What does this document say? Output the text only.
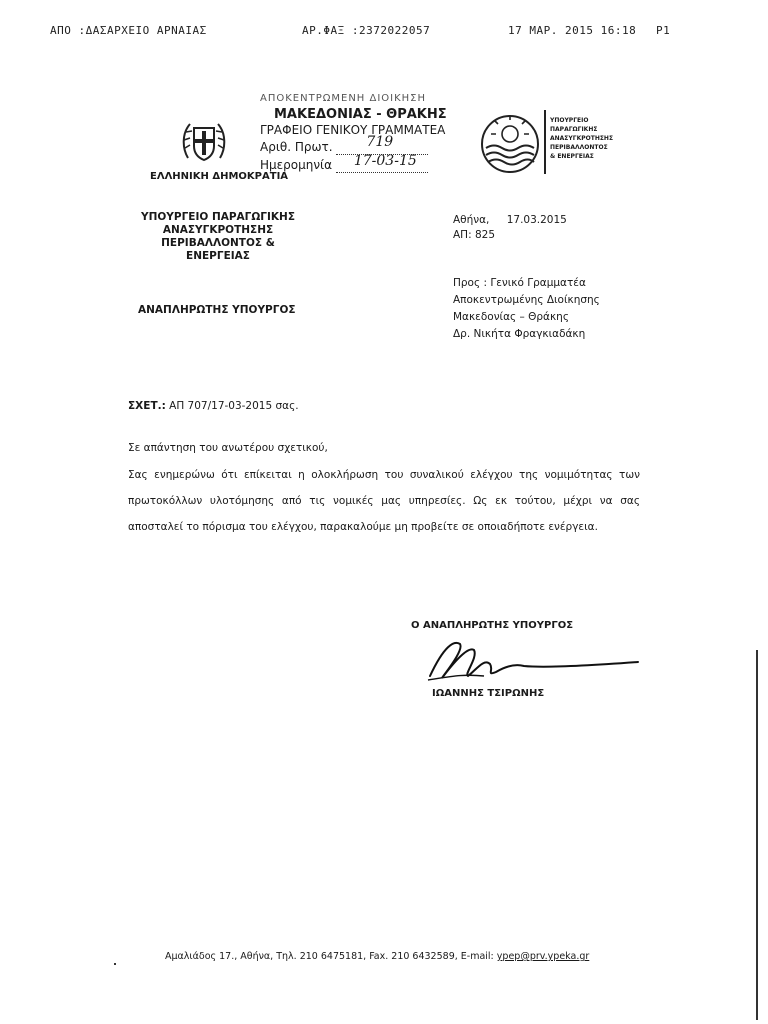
ΑΠΟ :ΔΑΣΑΡΧΕΙΟ ΑΡΝΑΙΑΣ	ΑΡ.ΦΑΞ :2372022057	17 ΜΑΡ. 2015 16:18 P1
ΕΛΛΗΝΙΚΗ ΔΗΜΟΚΡΑΤΙΑ
ΑΠΟΚΕΝΤΡΩΜΕΝΗ ΔΙΟΙΚΗΣΗ
ΜΑΚΕΔΟΝΙΑΣ - ΘΡΑΚΗΣ
ΓΡΑΦΕΙΟ ΓΕΝΙΚΟΥ ΓΡΑΜΜΑΤΕΑ
Αριθ. Πρωτ. 719

Ημερομηνία 17-03-15

ΥΠΟΥΡΓΕΙΟ
ΠΑΡΑΓΩΓΙΚΗΣ
ΑΝΑΣΥΓΚΡΟΤΗΣΗΣ
ΠΕΡΙΒΑΛΛΟΝΤΟΣ
& ΕΝΕΡΓΕΙΑΣ
ΥΠΟΥΡΓΕΙΟ ΠΑΡΑΓΩΓΙΚΗΣ
ΑΝΑΣΥΓΚΡΟΤΗΣΗΣ
ΠΕΡΙΒΑΛΛΟΝΤΟΣ &
ΕΝΕΡΓΕΙΑΣ
Αθήνα, 17.03.2015
ΑΠ: 825
Προς : Γενικό Γραμματέα
Αποκεντρωμένης Διοίκησης
Μακεδονίας – Θράκης
Δρ. Νικήτα Φραγκιαδάκη
ΑΝΑΠΛΗΡΩΤΗΣ ΥΠΟΥΡΓΟΣ
ΣΧΕΤ.: ΑΠ 707/17-03-2015 σας.
Σε απάντηση του ανωτέρου σχετικού,
Σας ενημερώνω ότι επίκειται η ολοκλήρωση του συναλικού ελέγχου της νομιμότητας των πρωτοκόλλων υλοτόμησης από τις νομικές μας υπηρεσίες. Ως εκ τούτου, μέχρι να σας αποσταλεί το πόρισμα του ελέγχου, παρακαλούμε μη προβείτε σε οποιαδήποτε ενέργεια.
Ο ΑΝΑΠΛΗΡΩΤΗΣ ΥΠΟΥΡΓΟΣ
ΙΩΑΝΝΗΣ ΤΣΙΡΩΝΗΣ
Αμαλιάδος 17., Αθήνα, Τηλ. 210 6475181, Fax. 210 6432589, E-mail: ypep@prv.ypeka.gr
